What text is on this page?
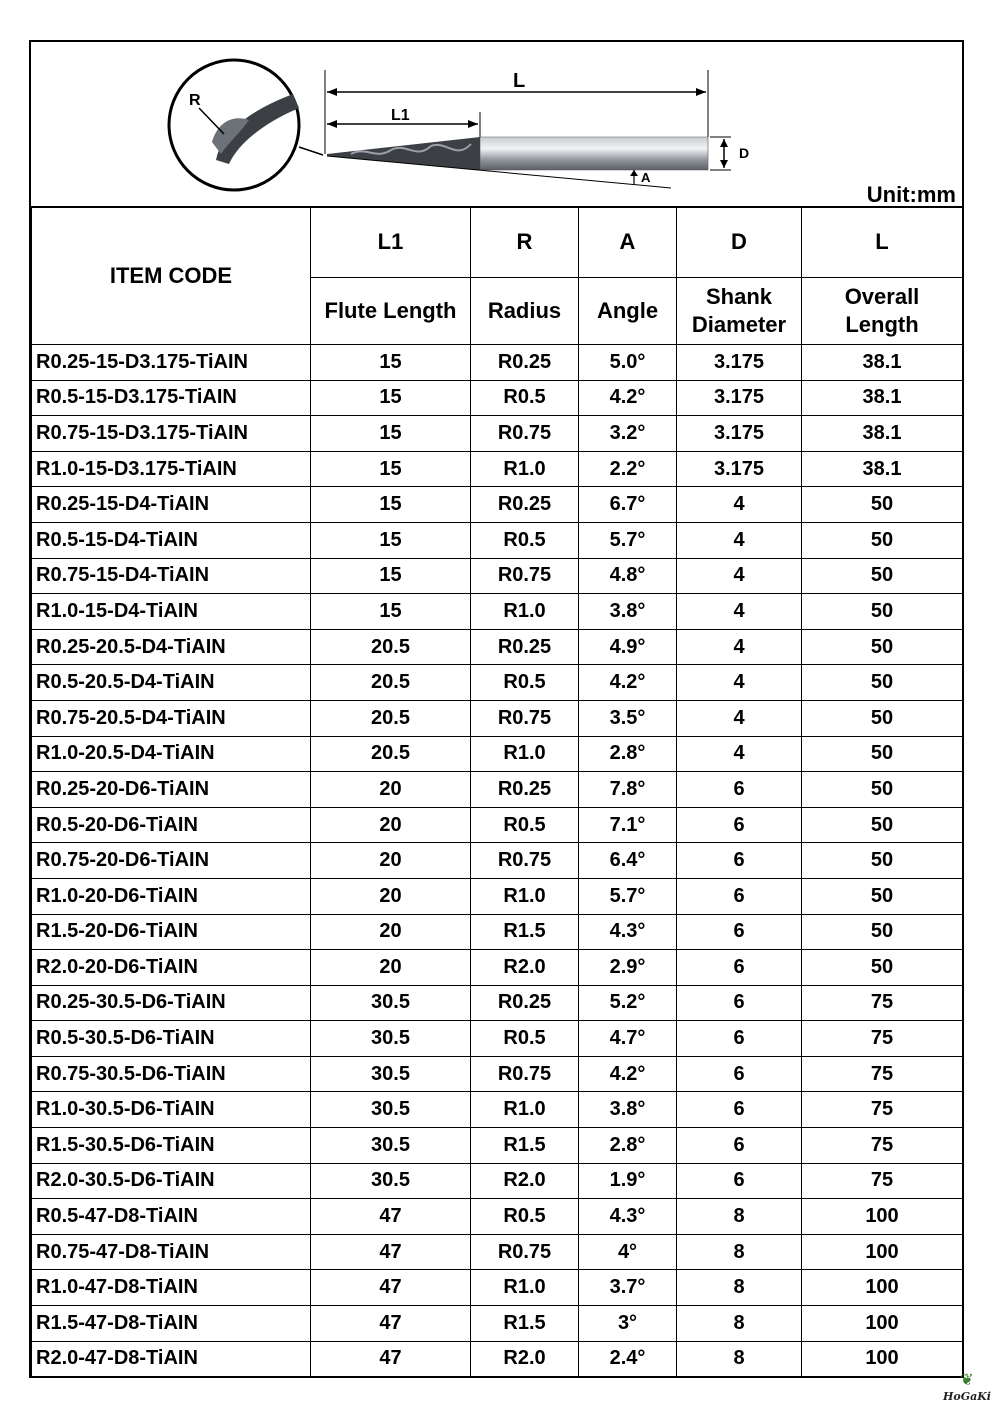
R
L
L1
D
A
Unit:mm
ITEM CODE	L1	R	A	D	L
	Flute Length	Radius	Angle	Shank Diameter	Overall Length
R0.25-15-D3.175-TiAIN	15	R0.25	5.0°	3.175	38.1
R0.5-15-D3.175-TiAIN	15	R0.5	4.2°	3.175	38.1
R0.75-15-D3.175-TiAIN	15	R0.75	3.2°	3.175	38.1
R1.0-15-D3.175-TiAIN	15	R1.0	2.2°	3.175	38.1
R0.25-15-D4-TiAIN	15	R0.25	6.7°	4	50
R0.5-15-D4-TiAIN	15	R0.5	5.7°	4	50
R0.75-15-D4-TiAIN	15	R0.75	4.8°	4	50
R1.0-15-D4-TiAIN	15	R1.0	3.8°	4	50
R0.25-20.5-D4-TiAIN	20.5	R0.25	4.9°	4	50
R0.5-20.5-D4-TiAIN	20.5	R0.5	4.2°	4	50
R0.75-20.5-D4-TiAIN	20.5	R0.75	3.5°	4	50
R1.0-20.5-D4-TiAIN	20.5	R1.0	2.8°	4	50
R0.25-20-D6-TiAIN	20	R0.25	7.8°	6	50
R0.5-20-D6-TiAIN	20	R0.5	7.1°	6	50
R0.75-20-D6-TiAIN	20	R0.75	6.4°	6	50
R1.0-20-D6-TiAIN	20	R1.0	5.7°	6	50
R1.5-20-D6-TiAIN	20	R1.5	4.3°	6	50
R2.0-20-D6-TiAIN	20	R2.0	2.9°	6	50
R0.25-30.5-D6-TiAIN	30.5	R0.25	5.2°	6	75
R0.5-30.5-D6-TiAIN	30.5	R0.5	4.7°	6	75
R0.75-30.5-D6-TiAIN	30.5	R0.75	4.2°	6	75
R1.0-30.5-D6-TiAIN	30.5	R1.0	3.8°	6	75
R1.5-30.5-D6-TiAIN	30.5	R1.5	2.8°	6	75
R2.0-30.5-D6-TiAIN	30.5	R2.0	1.9°	6	75
R0.5-47-D8-TiAIN	47	R0.5	4.3°	8	100
R0.75-47-D8-TiAIN	47	R0.75	4°	8	100
R1.0-47-D8-TiAIN	47	R1.0	3.7°	8	100
R1.5-47-D8-TiAIN	47	R1.5	3°	8	100
R2.0-47-D8-TiAIN	47	R2.0	2.4°	8	100
❦
HoGaKi
